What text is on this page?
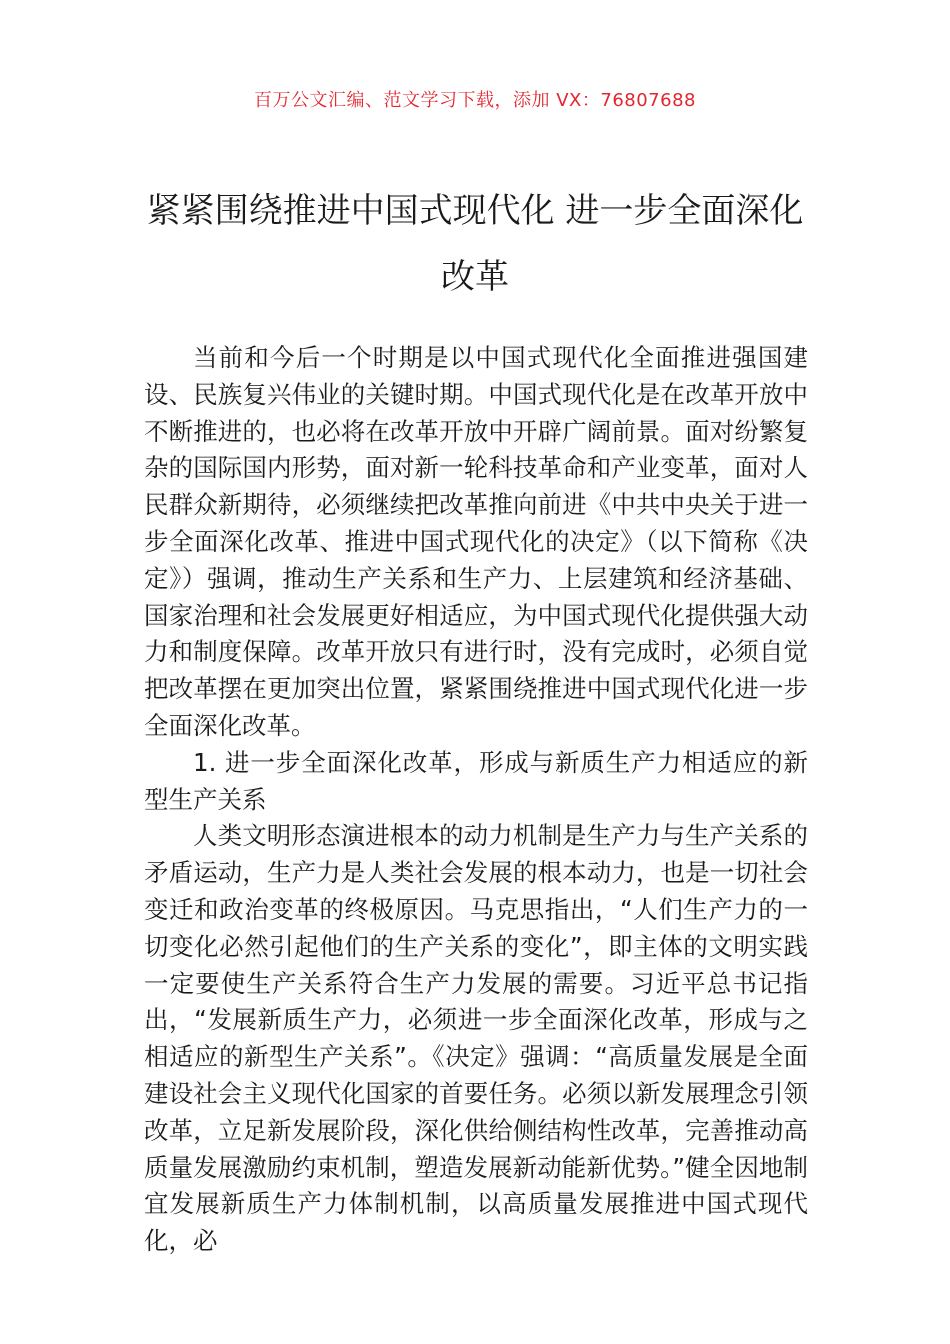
百万公文汇编、范文学习下载，添加 VX：76807688
紧紧围绕推进中国式现代化 进一步全面深化改革

当前和今后一个时期是以中国式现代化全面推进强国建设、民族复兴伟业的关键时期。中国式现代化是在改革开放中不断推进的，也必将在改革开放中开辟广阔前景。面对纷繁复杂的国际国内形势，面对新一轮科技革命和产业变革，面对人民群众新期待，必须继续把改革推向前进《中共中央关于进一步全面深化改革、推进中国式现代化的决定》（以下简称《决定》）强调，推动生产关系和生产力、上层建筑和经济基础、国家治理和社会发展更好相适应，为中国式现代化提供强大动力和制度保障。改革开放只有进行时，没有完成时，必须自觉把改革摆在更加突出位置，紧紧围绕推进中国式现代化进一步全面深化改革。

1. 进一步全面深化改革，形成与新质生产力相适应的新型生产关系

人类文明形态演进根本的动力机制是生产力与生产关系的矛盾运动，生产力是人类社会发展的根本动力，也是一切社会变迁和政治变革的终极原因。马克思指出，“人们生产力的一切变化必然引起他们的生产关系的变化”，即主体的文明实践一定要使生产关系符合生产力发展的需要。习近平总书记指出，“发展新质生产力，必须进一步全面深化改革，形成与之相适应的新型生产关系”。《决定》强调：“高质量发展是全面建设社会主义现代化国家的首要任务。必须以新发展理念引领改革，立足新发展阶段，深化供给侧结构性改革，完善推动高质量发展激励约束机制，塑造发展新动能新优势。”健全因地制宜发展新质生产力体制机制，以高质量发展推进中国式现代化，必
